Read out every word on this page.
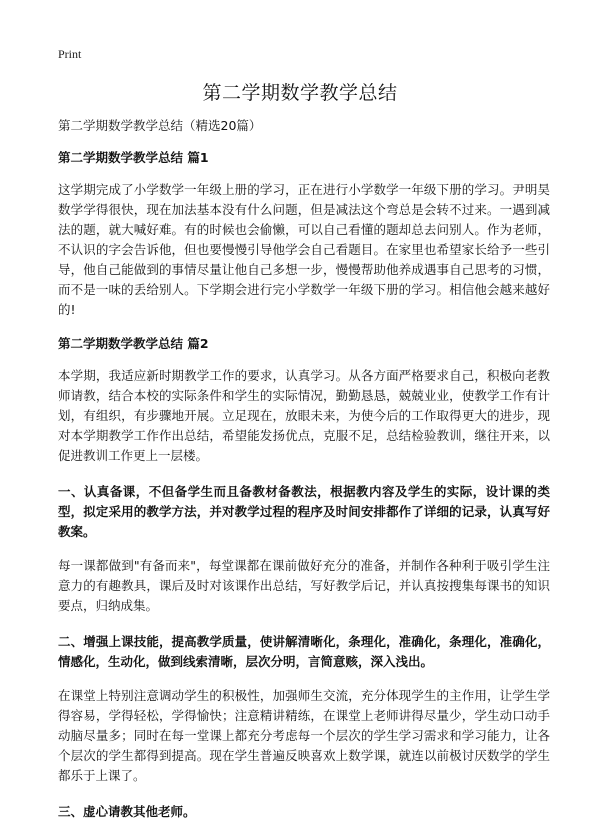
Print
第二学期数学教学总结

第二学期数学教学总结（精选20篇）

第二学期数学教学总结 篇1

这学期完成了小学数学一年级上册的学习，正在进行小学数学一年级下册的学习。尹明昊数学学得很快，现在加法基本没有什么问题，但是减法这个弯总是会转不过来。一遇到减法的题，就大喊好难。有的时候也会偷懒，可以自己看懂的题却总去问别人。作为老师，不认识的字会告诉他，但也要慢慢引导他学会自己看题目。在家里也希望家长给予一些引导，他自己能做到的事情尽量让他自己多想一步，慢慢帮助他养成遇事自己思考的习惯，而不是一味的丢给别人。下学期会进行完小学数学一年级下册的学习。相信他会越来越好的!

第二学期数学教学总结 篇2

本学期，我适应新时期教学工作的要求，认真学习。从各方面严格要求自己，积极向老教师请教，结合本校的实际条件和学生的实际情况，勤勤恳恳，兢兢业业，使教学工作有计划，有组织，有步骤地开展。立足现在，放眼未来，为使今后的工作取得更大的进步，现对本学期教学工作作出总结，希望能发扬优点，克服不足，总结检验教训，继往开来，以促进教训工作更上一层楼。

一、认真备课，不但备学生而且备教材备教法，根据教内容及学生的实际，设计课的类型，拟定采用的教学方法，并对教学过程的程序及时间安排都作了详细的记录，认真写好教案。

每一课都做到"有备而来"，每堂课都在课前做好充分的准备，并制作各种利于吸引学生注意力的有趣教具，课后及时对该课作出总结，写好教学后记，并认真按搜集每课书的知识要点，归纳成集。

二、增强上课技能，提高教学质量，使讲解清晰化，条理化，准确化，条理化，准确化，情感化，生动化，做到线索清晰，层次分明，言简意赅，深入浅出。

在课堂上特别注意调动学生的积极性，加强师生交流，充分体现学生的主作用，让学生学得容易，学得轻松，学得愉快；注意精讲精练，在课堂上老师讲得尽量少，学生动口动手动脑尽量多；同时在每一堂课上都充分考虑每一个层次的学生学习需求和学习能力，让各个层次的学生都得到提高。现在学生普遍反映喜欢上数学课，就连以前极讨厌数学的学生都乐于上课了。

三、虚心请教其他老师。
